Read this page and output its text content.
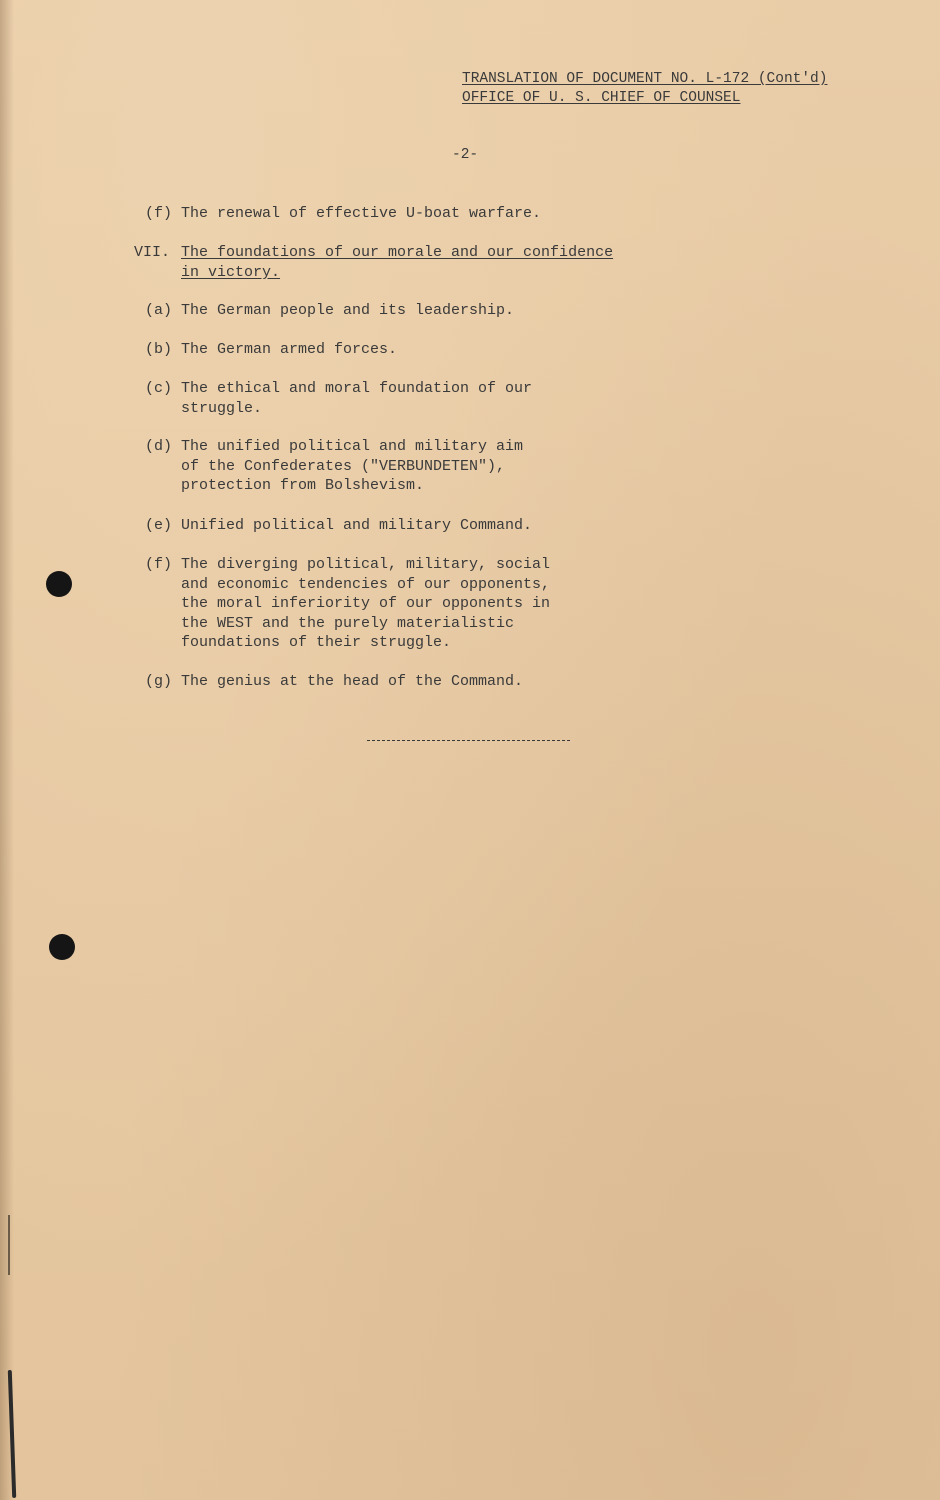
TRANSLATION OF DOCUMENT NO. L-172 (Cont'd)
OFFICE OF U. S. CHIEF OF COUNSEL
-2-
(f) The renewal of effective U-boat warfare.
VII. The foundations of our morale and our confidence
in victory.
(a) The German people and its leadership.
(b) The German armed forces.
(c) The ethical and moral foundation of our
struggle.
(d) The unified political and military aim
of the Confederates ("VERBUNDETEN"),
protection from Bolshevism.
(e) Unified political and military Command.
(f) The diverging political, military, social
and economic tendencies of our opponents,
the moral inferiority of our opponents in
the WEST and the purely materialistic
foundations of their struggle.
(g) The genius at the head of the Command.
